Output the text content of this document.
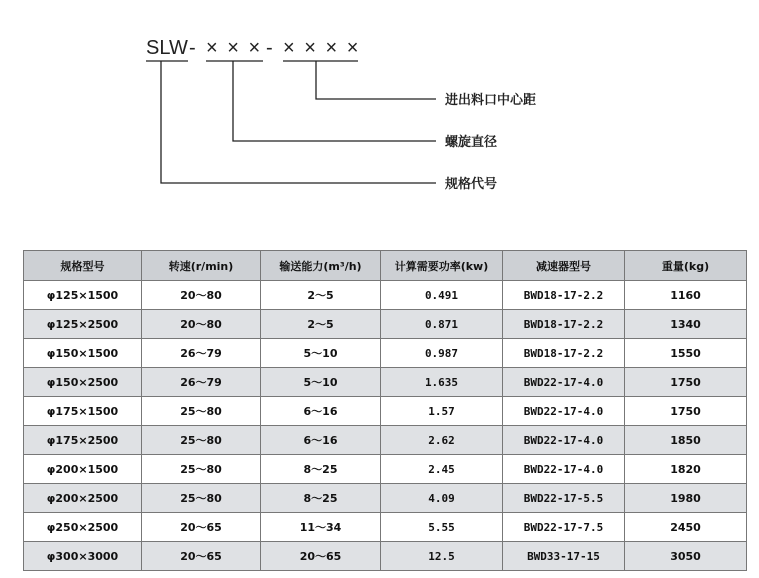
SLW - × × × - × × × ×
进出料口中心距
螺旋直径
规格代号
规格型号	转速(r/min)	输送能力(m³/h)	计算需要功率(kw)	减速器型号	重量(kg)
φ125×1500	20～80	2～5	0.491	BWD18-17-2.2	1160
φ125×2500	20～80	2～5	0.871	BWD18-17-2.2	1340
φ150×1500	26～79	5～10	0.987	BWD18-17-2.2	1550
φ150×2500	26～79	5～10	1.635	BWD22-17-4.0	1750
φ175×1500	25～80	6～16	1.57	BWD22-17-4.0	1750
φ175×2500	25～80	6～16	2.62	BWD22-17-4.0	1850
φ200×1500	25～80	8～25	2.45	BWD22-17-4.0	1820
φ200×2500	25～80	8～25	4.09	BWD22-17-5.5	1980
φ250×2500	20～65	11～34	5.55	BWD22-17-7.5	2450
φ300×3000	20～65	20～65	12.5	BWD33-17-15	3050
